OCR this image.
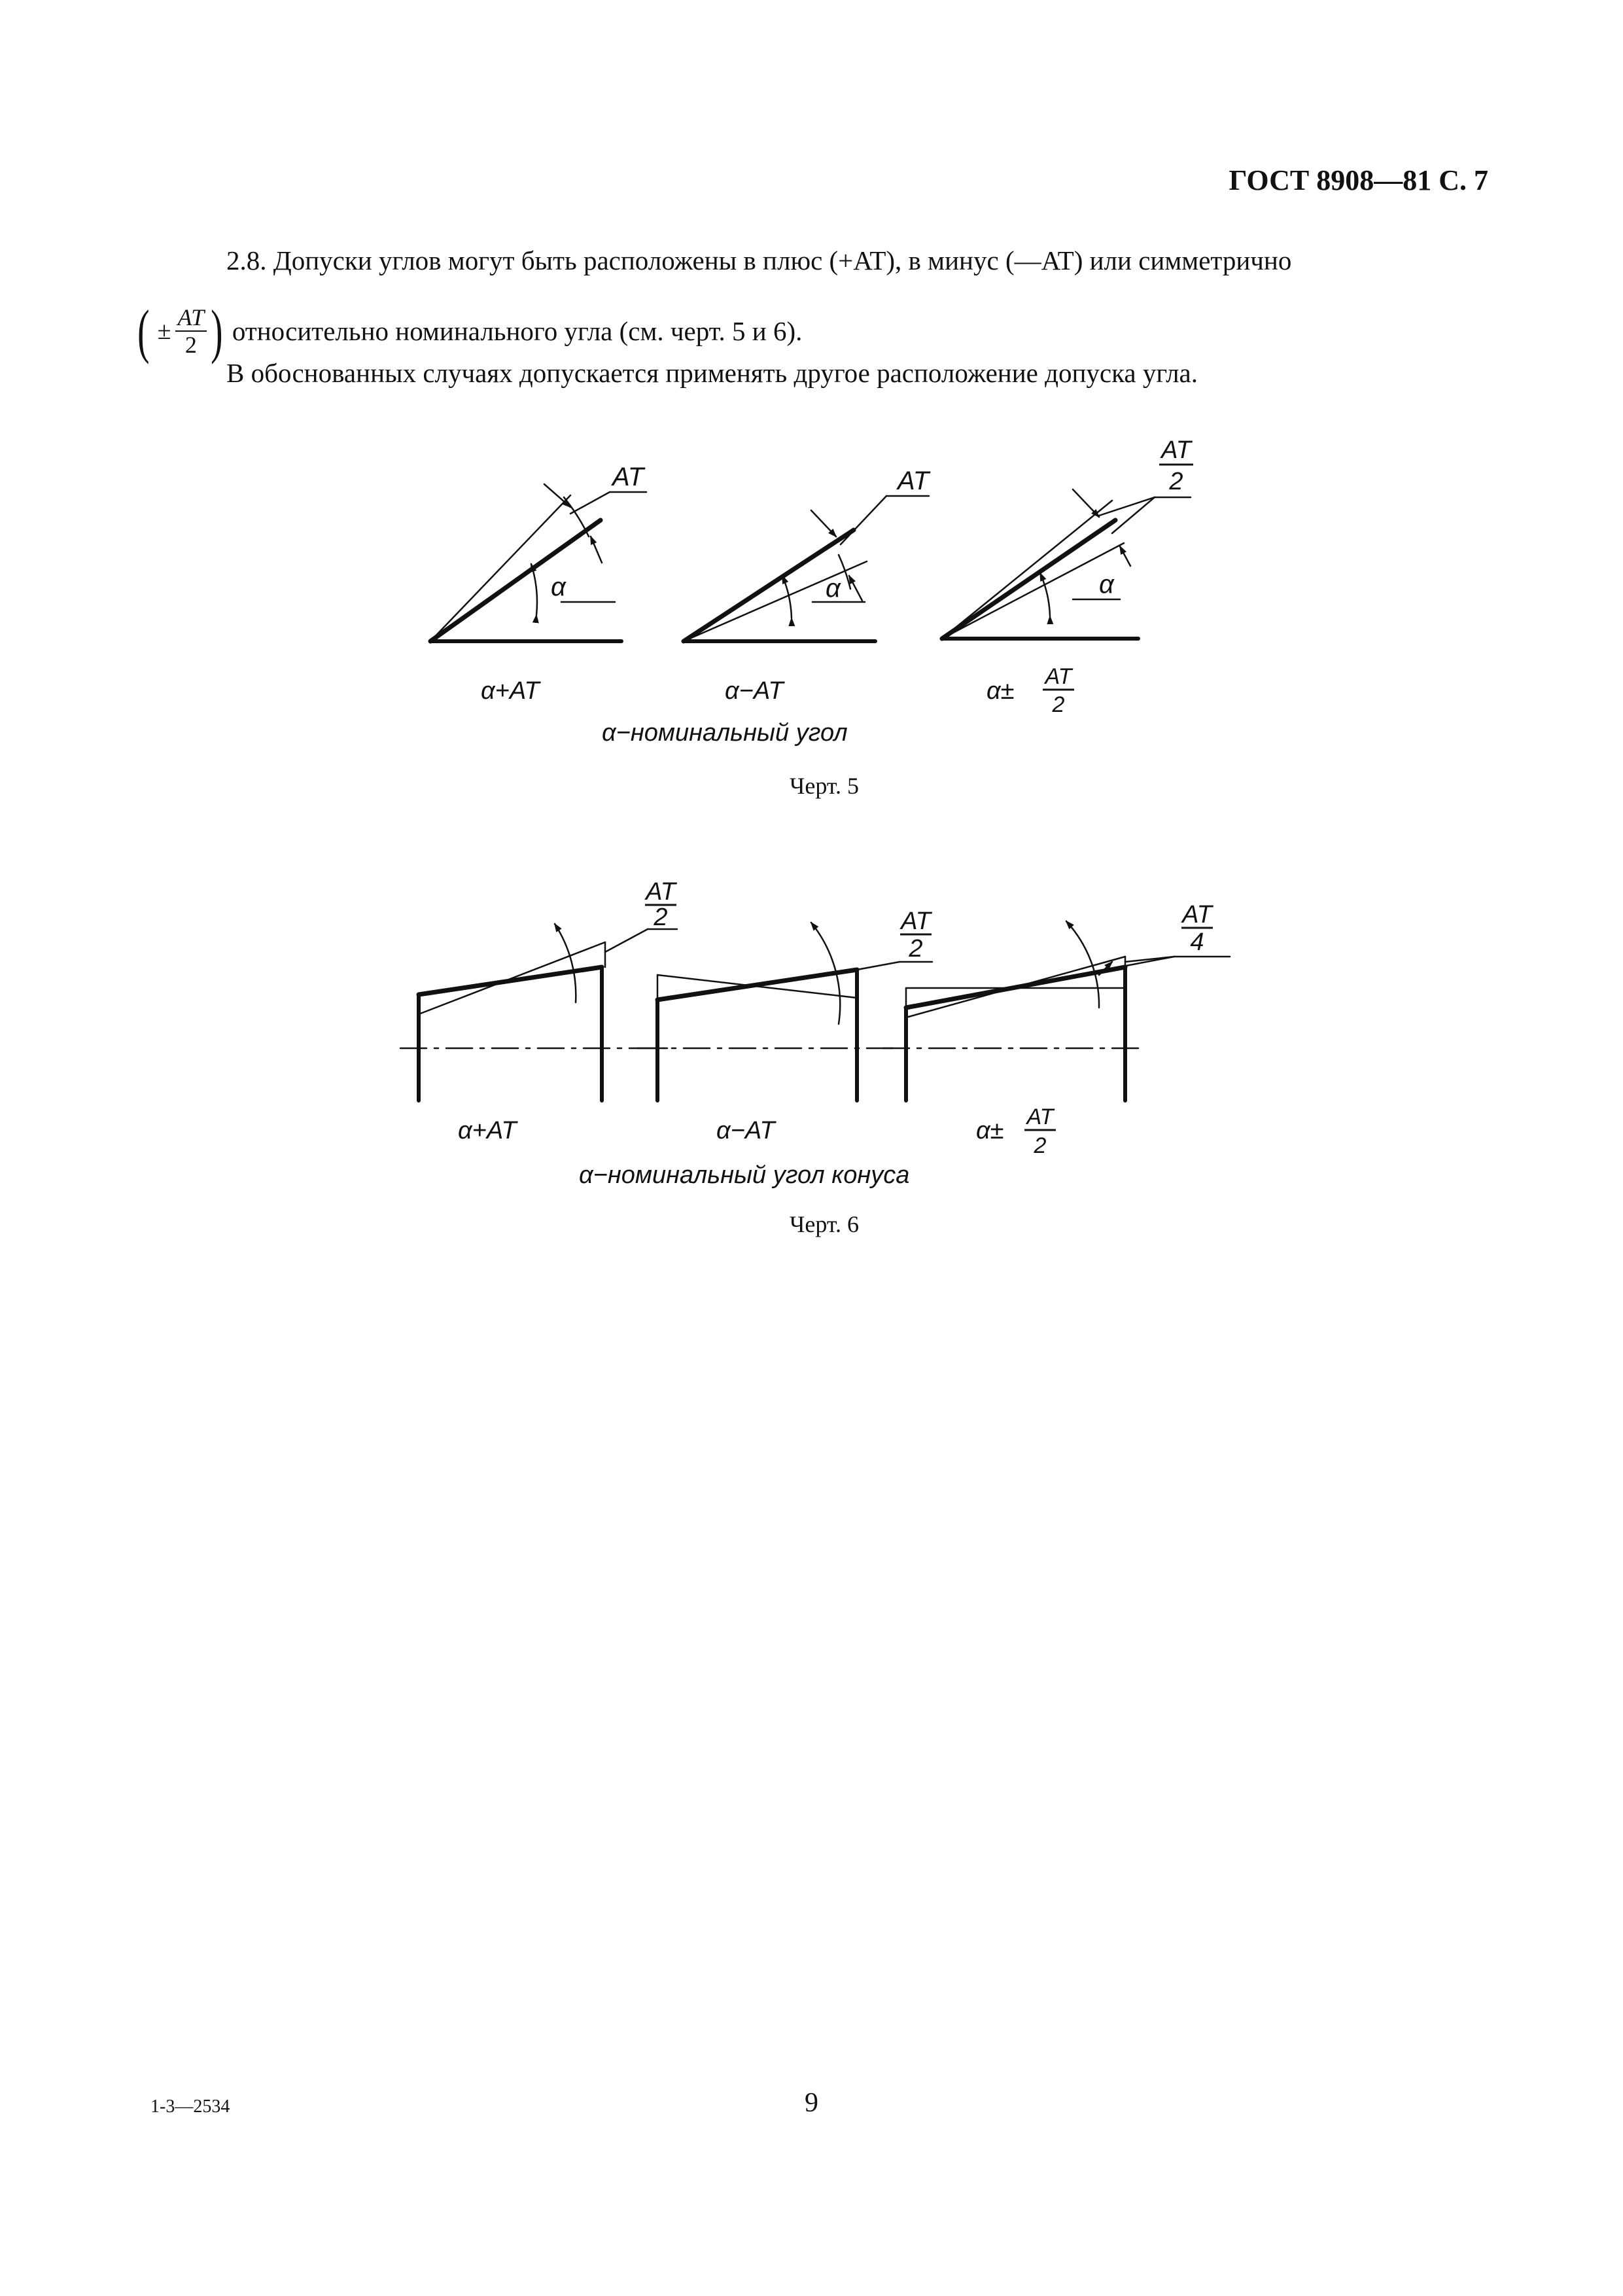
ГОСТ 8908—81 С. 7
2.8. Допуски углов могут быть расположены в плюс (+AT), в минус (—AT) или симметрично
( ± $\frac{AT}{2}$ ) относительно номинального угла (см. черт. 5 и 6).
В обоснованных случаях допускается применять другое расположение допуска угла.
AT
α
AT
α
AT
2
α
α+AT	α−AT	α±
AT
2
α−номинальный угол
AT
2	AT
2
AT
4
α+AT	α−AT	α± AT
2
α−номинальный угол конуса
Черт. 5
Черт. 6
1-3—2534	9
